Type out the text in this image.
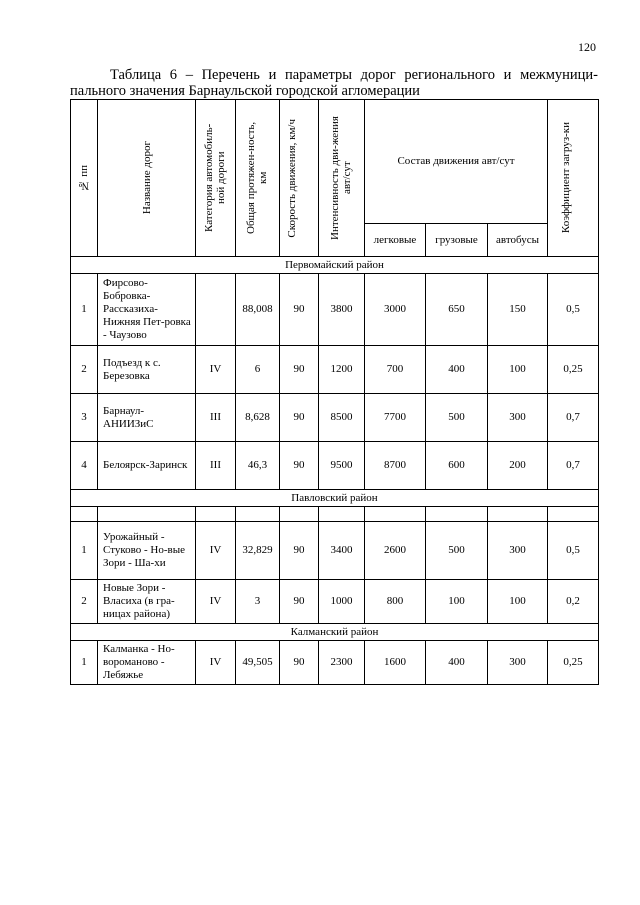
120
Таблица 6 – Перечень и параметры дорог регионального и межмуници-
пального значения Барнаульской городской агломерации
№ пп	Название дорог	Категория автомобиль-ной дороги	Общая протяжен-ность, км	Скорость движения, км/ч	Интенсивность дви-жения авт/сут	Состав движения авт/сут			Коэффициент загруз-ки

						легковые	грузовые	автобусы	
Первомайский район									
1	Фирсово-Бобровка-Рассказиха-Нижняя Пет-ровка - Чаузово		88,008	90	3800	3000	650	150	0,5
2	Подъезд к с. Березовка	IV	6	90	1200	700	400	100	0,25
3	Барнаул-АНИИЗиС	III	8,628	90	8500	7700	500	300	0,7
4	Белоярск-Заринск	III	46,3	90	9500	8700	600	200	0,7
Павловский район									

1	Урожайный - Стуково - Но-вые Зори - Ша-хи	IV	32,829	90	3400	2600	500	300	0,5
2	Новые Зори - Власиха (в гра-ницах района)	IV	3	90	1000	800	100	100	0,2
Калманский район									
1	Калманка - Но-вороманово - Лебяжье	IV	49,505	90	2300	1600	400	300	0,25
